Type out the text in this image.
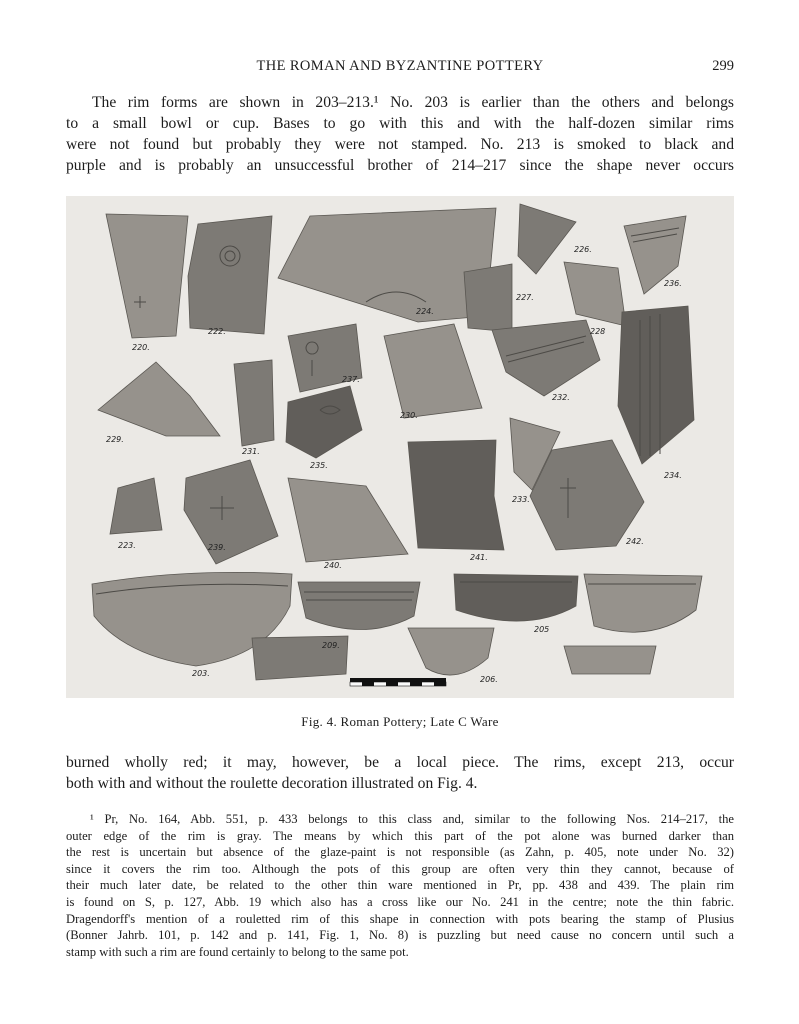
THE ROMAN AND BYZANTINE POTTERY	299
The rim forms are shown in 203–213.¹ No. 203 is earlier than the others and belongs
to a small bowl or cup. Bases to go with this and with the half-dozen similar rims
were not found but probably they were not stamped. No. 213 is smoked to black and
purple and is probably an unsuccessful brother of 214–217 since the shape never occurs
220.
222.
224.
226.
236.
227.
228
237.
232.
229.
231.
230.
235.
234.
233.
223.	239.
240.
241.
242.
203.
209.
205
206.
Fig. 4. Roman Pottery; Late C Ware
burned wholly red; it may, however, be a local piece. The rims, except 213, occur
both with and without the roulette decoration illustrated on Fig. 4.
¹ Pr, No. 164, Abb. 551, p. 433 belongs to this class and, similar to the following Nos. 214–217, the
outer edge of the rim is gray. The means by which this part of the pot alone was burned darker than
the rest is uncertain but absence of the glaze-paint is not responsible (as Zahn, p. 405, note under No. 32)
since it covers the rim too. Although the pots of this group are often very thin they cannot, because of
their much later date, be related to the other thin ware mentioned in Pr, pp. 438 and 439. The plain rim
is found on S, p. 127, Abb. 19 which also has a cross like our No. 241 in the centre; note the thin fabric.
Dragendorff's mention of a rouletted rim of this shape in connection with pots bearing the stamp of Plusius
(Bonner Jahrb. 101, p. 142 and p. 141, Fig. 1, No. 8) is puzzling but need cause no concern until such a
stamp with such a rim are found certainly to belong to the same pot.
